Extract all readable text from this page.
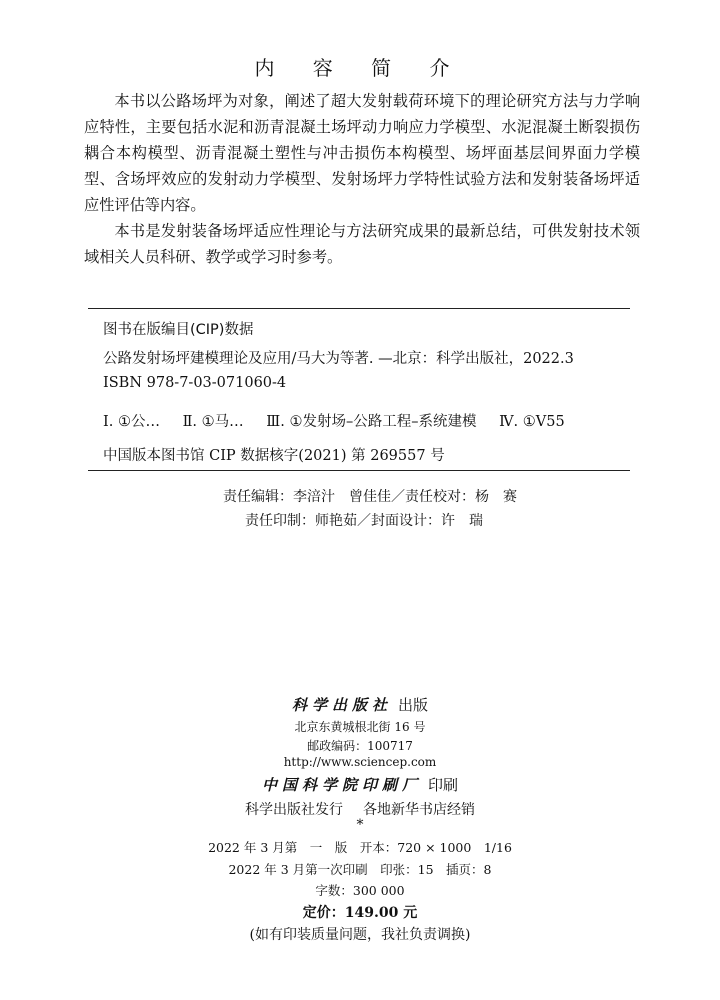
内 容 简 介

本书以公路场坪为对象，阐述了超大发射载荷环境下的理论研究方法与力学响应特性，主要包括水泥和沥青混凝土场坪动力响应力学模型、水泥混凝土断裂损伤耦合本构模型、沥青混凝土塑性与冲击损伤本构模型、场坪面基层间界面力学模型、含场坪效应的发射动力学模型、发射场坪力学特性试验方法和发射装备场坪适应性评估等内容。

本书是发射装备场坪适应性理论与方法研究成果的最新总结，可供发射技术领域相关人员科研、教学或学习时参考。

图书在版编目(CIP)数据
公路发射场坪建模理论及应用/马大为等著. —北京：科学出版社，2022.3
ISBN 978-7-03-071060-4
Ⅰ. ①公… Ⅱ. ①马… Ⅲ. ①发射场–公路工程–系统建模 Ⅳ. ①V55
中国版本图书馆 CIP 数据核字(2021) 第 269557 号
责任编辑：李涪汁　曾佳佳／责任校对：杨　赛
责任印制：师艳茹／封面设计：许　瑞
科学出版社 出版
北京东黄城根北街 16 号
邮政编码：100717
http://www.sciencep.com
中国科学院印刷厂 印刷
科学出版社发行 各地新华书店经销
*
2022 年 3 月第　一　版　开本：720 × 1000　1/16
2022 年 3 月第一次印刷　印张：15　插页：8
字数：300 000
定价：149.00 元
(如有印装质量问题，我社负责调换)
